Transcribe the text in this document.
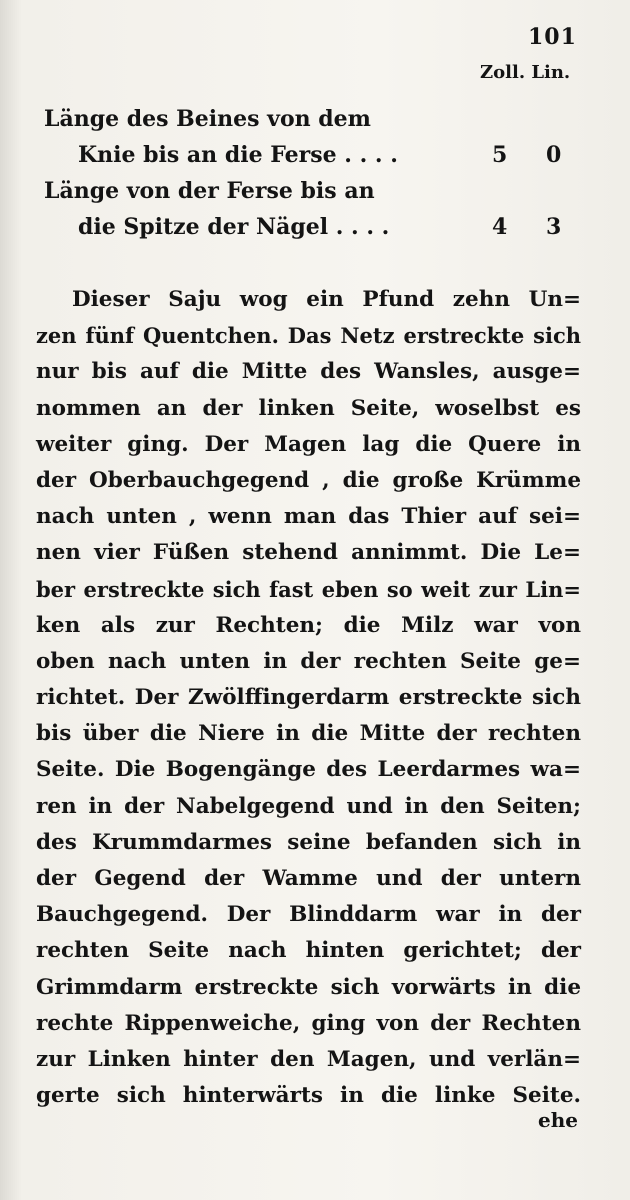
101
Zoll. Lin.
Länge des Beines von dem
Knie bis an die Ferse . . . .	5 0
Länge von der Ferse bis an
die Spitze der Nägel . . . .	4 3
Dieser Saju wog ein Pfund zehn Un=
zen fünf Quentchen. Das Netz erstreckte sich
nur bis auf die Mitte des Wansles, ausge=
nommen an der linken Seite, woselbst es
weiter ging. Der Magen lag die Quere in
der Oberbauchgegend , die große Krümme
nach unten , wenn man das Thier auf sei=
nen vier Füßen stehend annimmt. Die Le=
ber erstreckte sich fast eben so weit zur Lin=
ken als zur Rechten; die Milz war von
oben nach unten in der rechten Seite ge=
richtet. Der Zwölffingerdarm erstreckte sich
bis über die Niere in die Mitte der rechten
Seite. Die Bogengänge des Leerdarmes wa=
ren in der Nabelgegend und in den Seiten;
des Krummdarmes seine befanden sich in
der Gegend der Wamme und der untern
Bauchgegend. Der Blinddarm war in der
rechten Seite nach hinten gerichtet; der
Grimmdarm erstreckte sich vorwärts in die
rechte Rippenweiche, ging von der Rechten
zur Linken hinter den Magen, und verlän=
gerte sich hinterwärts in die linke Seite.
ehe
